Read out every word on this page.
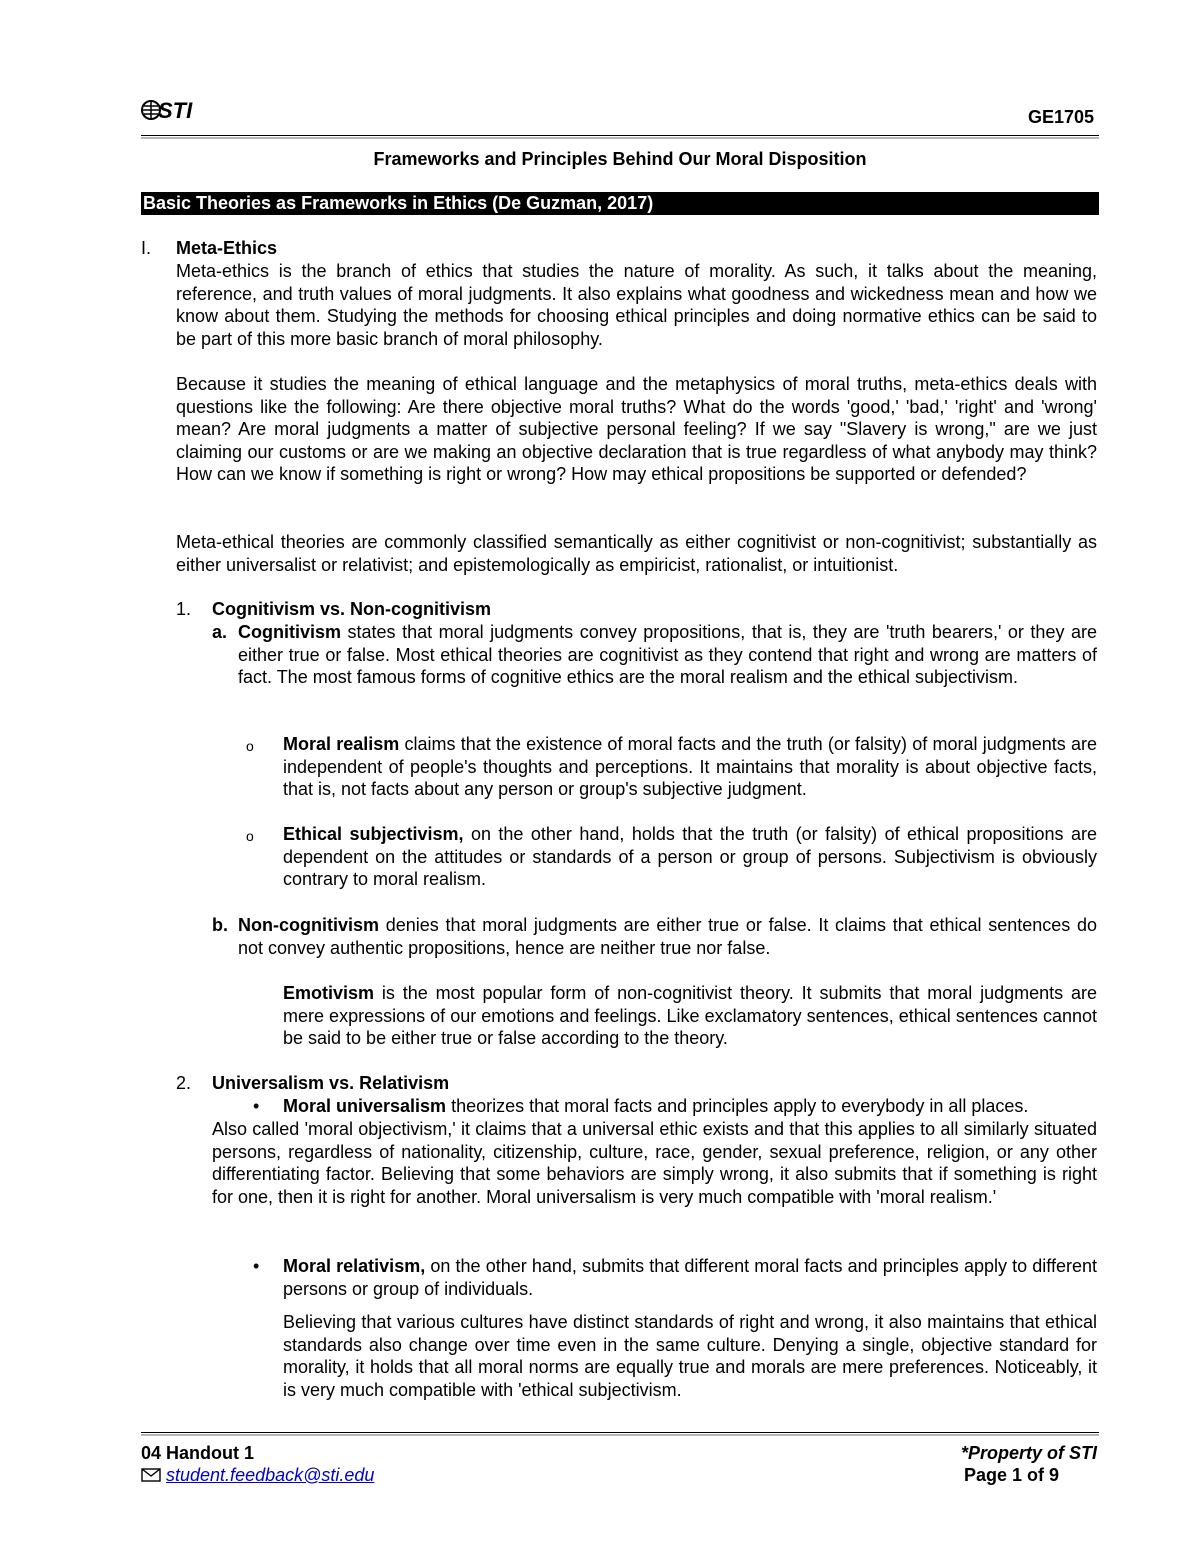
STI	GE1705
Frameworks and Principles Behind Our Moral Disposition
Basic Theories as Frameworks in Ethics (De Guzman, 2017)
I. Meta-Ethics
Meta-ethics is the branch of ethics that studies the nature of morality. As such, it talks about the meaning, reference, and truth values of moral judgments. It also explains what goodness and wickedness mean and how we know about them. Studying the methods for choosing ethical principles and doing normative ethics can be said to be part of this more basic branch of moral philosophy.
Because it studies the meaning of ethical language and the metaphysics of moral truths, meta-ethics deals with questions like the following: Are there objective moral truths? What do the words 'good,' 'bad,' 'right' and 'wrong' mean? Are moral judgments a matter of subjective personal feeling? If we say "Slavery is wrong," are we just claiming our customs or are we making an objective declaration that is true regardless of what anybody may think? How can we know if something is right or wrong? How may ethical propositions be supported or defended?
Meta-ethical theories are commonly classified semantically as either cognitivist or non-cognitivist; substantially as either universalist or relativist; and epistemologically as empiricist, rationalist, or intuitionist.
1. Cognitivism vs. Non-cognitivism
a. Cognitivism states that moral judgments convey propositions, that is, they are 'truth bearers,' or they are either true or false. Most ethical theories are cognitivist as they contend that right and wrong are matters of fact. The most famous forms of cognitive ethics are the moral realism and the ethical subjectivism.
o Moral realism claims that the existence of moral facts and the truth (or falsity) of moral judgments are independent of people's thoughts and perceptions. It maintains that morality is about objective facts, that is, not facts about any person or group's subjective judgment.
o Ethical subjectivism, on the other hand, holds that the truth (or falsity) of ethical propositions are dependent on the attitudes or standards of a person or group of persons. Subjectivism is obviously contrary to moral realism.
b. Non-cognitivism denies that moral judgments are either true or false. It claims that ethical sentences do not convey authentic propositions, hence are neither true nor false.
Emotivism is the most popular form of non-cognitivist theory. It submits that moral judgments are mere expressions of our emotions and feelings. Like exclamatory sentences, ethical sentences cannot be said to be either true or false according to the theory.
2. Universalism vs. Relativism
• Moral universalism theorizes that moral facts and principles apply to everybody in all places.
Also called 'moral objectivism,' it claims that a universal ethic exists and that this applies to all similarly situated persons, regardless of nationality, citizenship, culture, race, gender, sexual preference, religion, or any other differentiating factor. Believing that some behaviors are simply wrong, it also submits that if something is right for one, then it is right for another. Moral universalism is very much compatible with 'moral realism.'
• Moral relativism, on the other hand, submits that different moral facts and principles apply to different persons or group of individuals.
Believing that various cultures have distinct standards of right and wrong, it also maintains that ethical standards also change over time even in the same culture. Denying a single, objective standard for morality, it holds that all moral norms are equally true and morals are mere preferences. Noticeably, it is very much compatible with 'ethical subjectivism.
04 Handout 1	*Property of STI
student.feedback@sti.edu	Page 1 of 9
